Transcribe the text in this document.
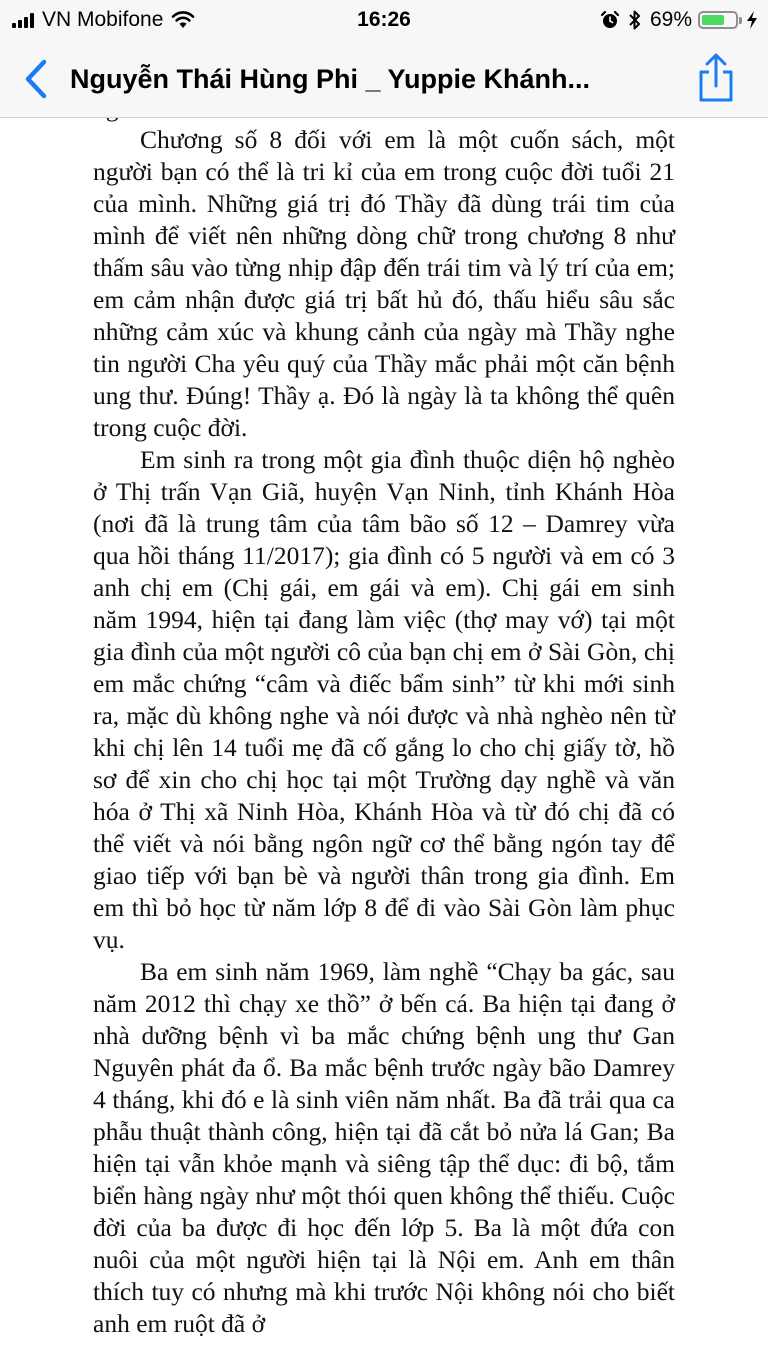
VN Mobifone	16:26	69%
Nguyễn Thái Hùng Phi _ Yuppie Khánh...

Chương số 8 đối với em là một cuốn sách, một người bạn có thể là tri kỉ của em trong cuộc đời tuổi 21 của mình. Những giá trị đó Thầy đã dùng trái tim của mình để viết nên những dòng chữ trong chương 8 như thấm sâu vào từng nhịp đập đến trái tim và lý trí của em; em cảm nhận được giá trị bất hủ đó, thấu hiểu sâu sắc những cảm xúc và khung cảnh của ngày mà Thầy nghe tin người Cha yêu quý của Thầy mắc phải một căn bệnh ung thư. Đúng! Thầy ạ. Đó là ngày là ta không thể quên trong cuộc đời.

Em sinh ra trong một gia đình thuộc diện hộ nghèo ở Thị trấn Vạn Giã, huyện Vạn Ninh, tỉnh Khánh Hòa (nơi đã là trung tâm của tâm bão số 12 – Damrey vừa qua hồi tháng 11/2017); gia đình có 5 người và em có 3 anh chị em (Chị gái, em gái và em). Chị gái em sinh năm 1994, hiện tại đang làm việc (thợ may vớ) tại một gia đình của một người cô của bạn chị em ở Sài Gòn, chị em mắc chứng “câm và điếc bẩm sinh” từ khi mới sinh ra, mặc dù không nghe và nói được và nhà nghèo nên từ khi chị lên 14 tuổi mẹ đã cố gắng lo cho chị giấy tờ, hồ sơ để xin cho chị học tại một Trường dạy nghề và văn hóa ở Thị xã Ninh Hòa, Khánh Hòa và từ đó chị đã có thể viết và nói bằng ngôn ngữ cơ thể bằng ngón tay để giao tiếp với bạn bè và người thân trong gia đình. Em em thì bỏ học từ năm lớp 8 để đi vào Sài Gòn làm phục vụ.

Ba em sinh năm 1969, làm nghề “Chạy ba gác, sau năm 2012 thì chạy xe thồ” ở bến cá. Ba hiện tại đang ở nhà dưỡng bệnh vì ba mắc chứng bệnh ung thư Gan Nguyên phát đa ổ. Ba mắc bệnh trước ngày bão Damrey 4 tháng, khi đó e là sinh viên năm nhất. Ba đã trải qua ca phẫu thuật thành công, hiện tại đã cắt bỏ nửa lá Gan; Ba hiện tại vẫn khỏe mạnh và siêng tập thể dục: đi bộ, tắm biển hàng ngày như một thói quen không thể thiếu. Cuộc đời của ba được đi học đến lớp 5. Ba là một đứa con nuôi của một người hiện tại là Nội em. Anh em thân thích tuy có nhưng mà khi trước Nội không nói cho biết anh em ruột đã ở
